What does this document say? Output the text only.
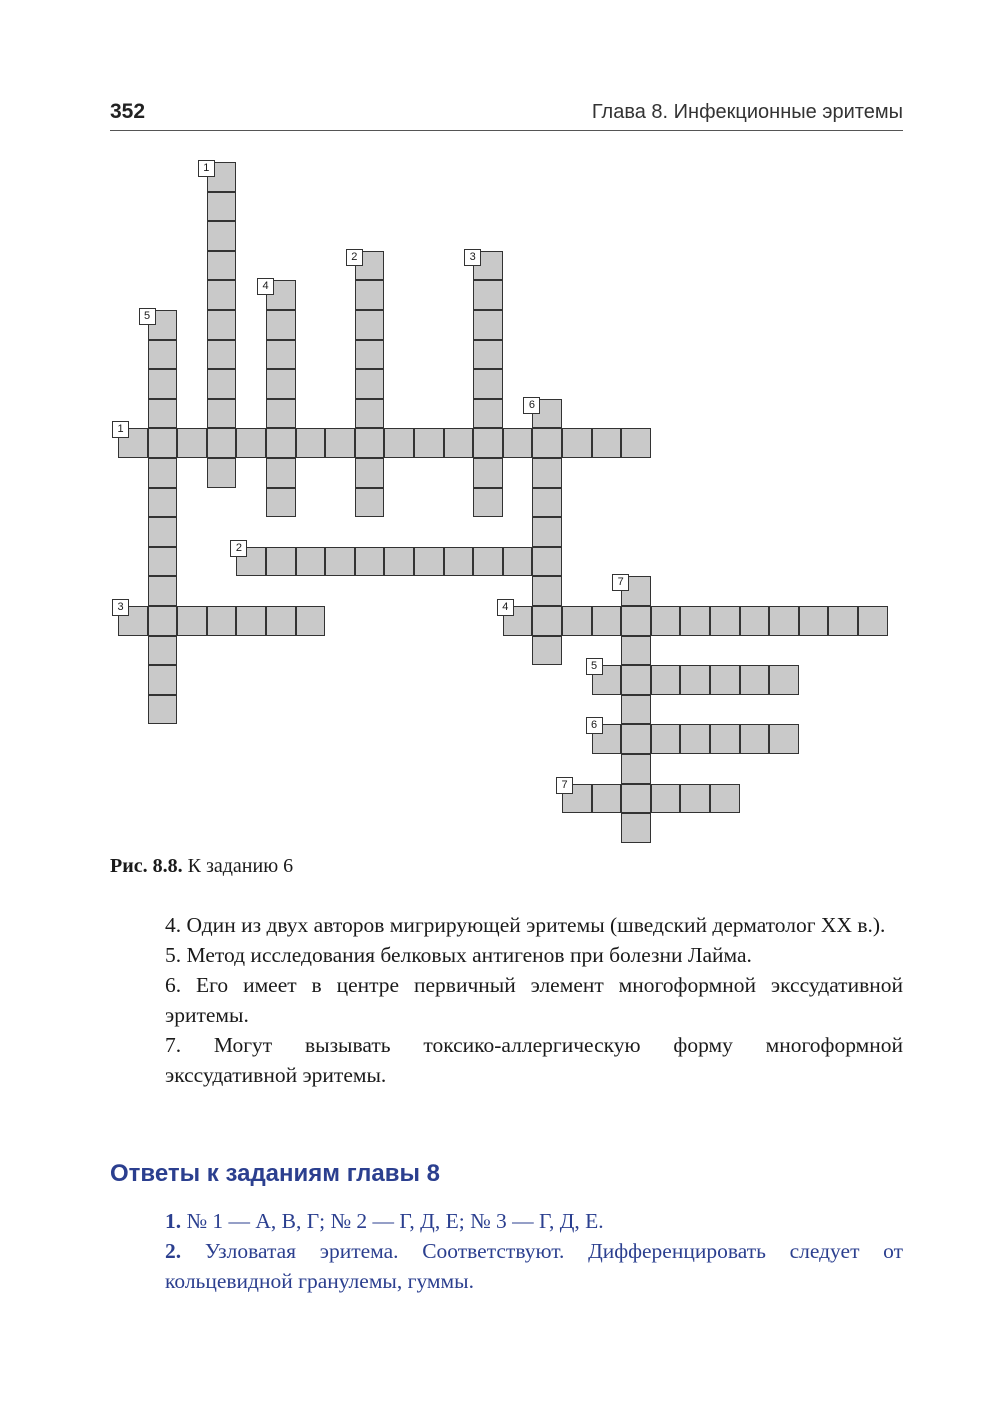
352	Глава 8. Инфекционные эритемы
1
2	3
4
5
6
7
1
2
3	4
5
6
7
Рис. 8.8. К заданию 6

4. Один из двух авторов мигрирующей эритемы (шведский дерматолог XX в.).

5. Метод исследования белковых антигенов при болезни Лайма.

6. Его имеет в центре первичный элемент многоформной экссудативной эритемы.

7. Могут вызывать токсико-аллергическую форму многоформной экссудативной эритемы.

Ответы к заданиям главы 8

1. № 1 — А, В, Г; № 2 — Г, Д, Е; № 3 — Г, Д, Е.

2. Узловатая эритема. Соответствуют. Дифференцировать следует от кольцевидной гранулемы, гуммы.
